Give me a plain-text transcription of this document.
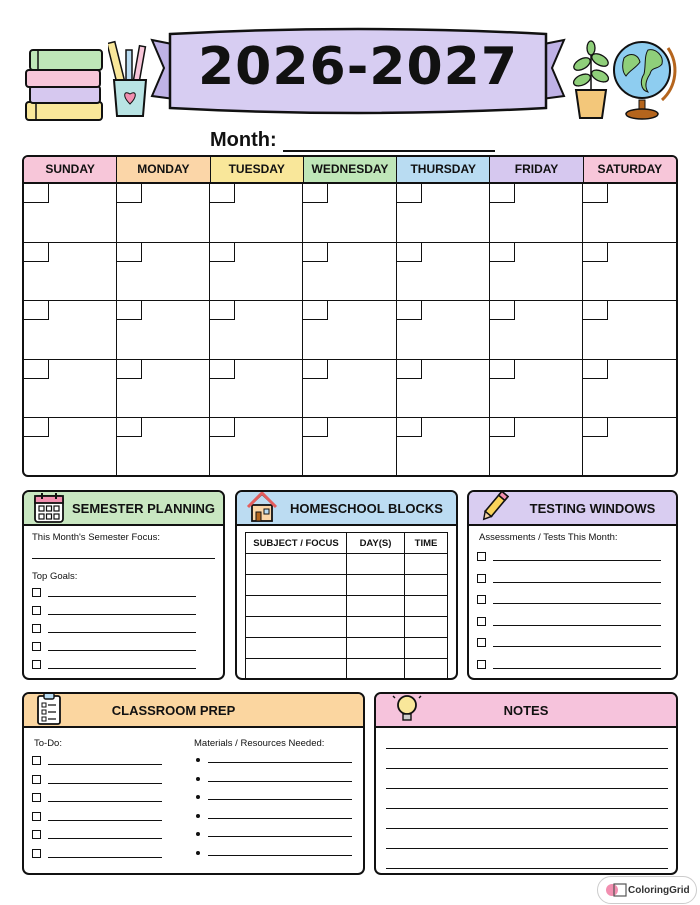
2026-2027
Month:
SUNDAY	MONDAY	TUESDAY	WEDNESDAY	THURSDAY	FRIDAY	SATURDAY
SEMESTER PLANNING
This Month's Semester Focus:
Top Goals:
HOMESCHOOL BLOCKS
SUBJECT / FOCUS	DAY(S)	TIME

TESTING WINDOWS
Assessments / Tests This Month:
CLASSROOM PREP
To-Do:	Materials / Resources Needed:
NOTES
ColoringGrid
